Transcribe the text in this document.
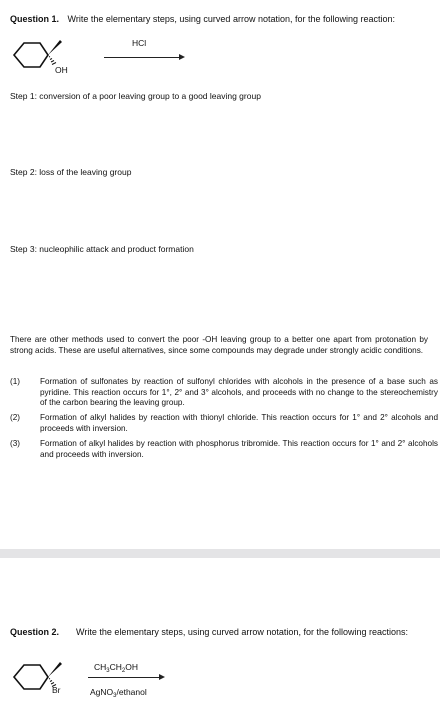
Question 1. Write the elementary steps, using curved arrow notation, for the following reaction:
OH
HCl
Step 1: conversion of a poor leaving group to a good leaving group
Step 2: loss of the leaving group
Step 3: nucleophilic attack and product formation
There are other methods used to convert the poor -OH leaving group to a better one apart from protonation by strong acids. These are useful alternatives, since some compounds may degrade under strongly acidic conditions.
(1) Formation of sulfonates by reaction of sulfonyl chlorides with alcohols in the presence of a base such as pyridine. This reaction occurs for 1°, 2° and 3° alcohols, and proceeds with no change to the stereochemistry of the carbon bearing the leaving group.
(2) Formation of alkyl halides by reaction with thionyl chloride. This reaction occurs for 1° and 2° alcohols and proceeds with inversion.
(3) Formation of alkyl halides by reaction with phosphorus tribromide. This reaction occurs for 1° and 2° alcohols and proceeds with inversion.
Question 2.	Write the elementary steps, using curved arrow notation, for the following reactions:
Br
$CH_3CH_2OH$
AgNO$_3$/ethanol
